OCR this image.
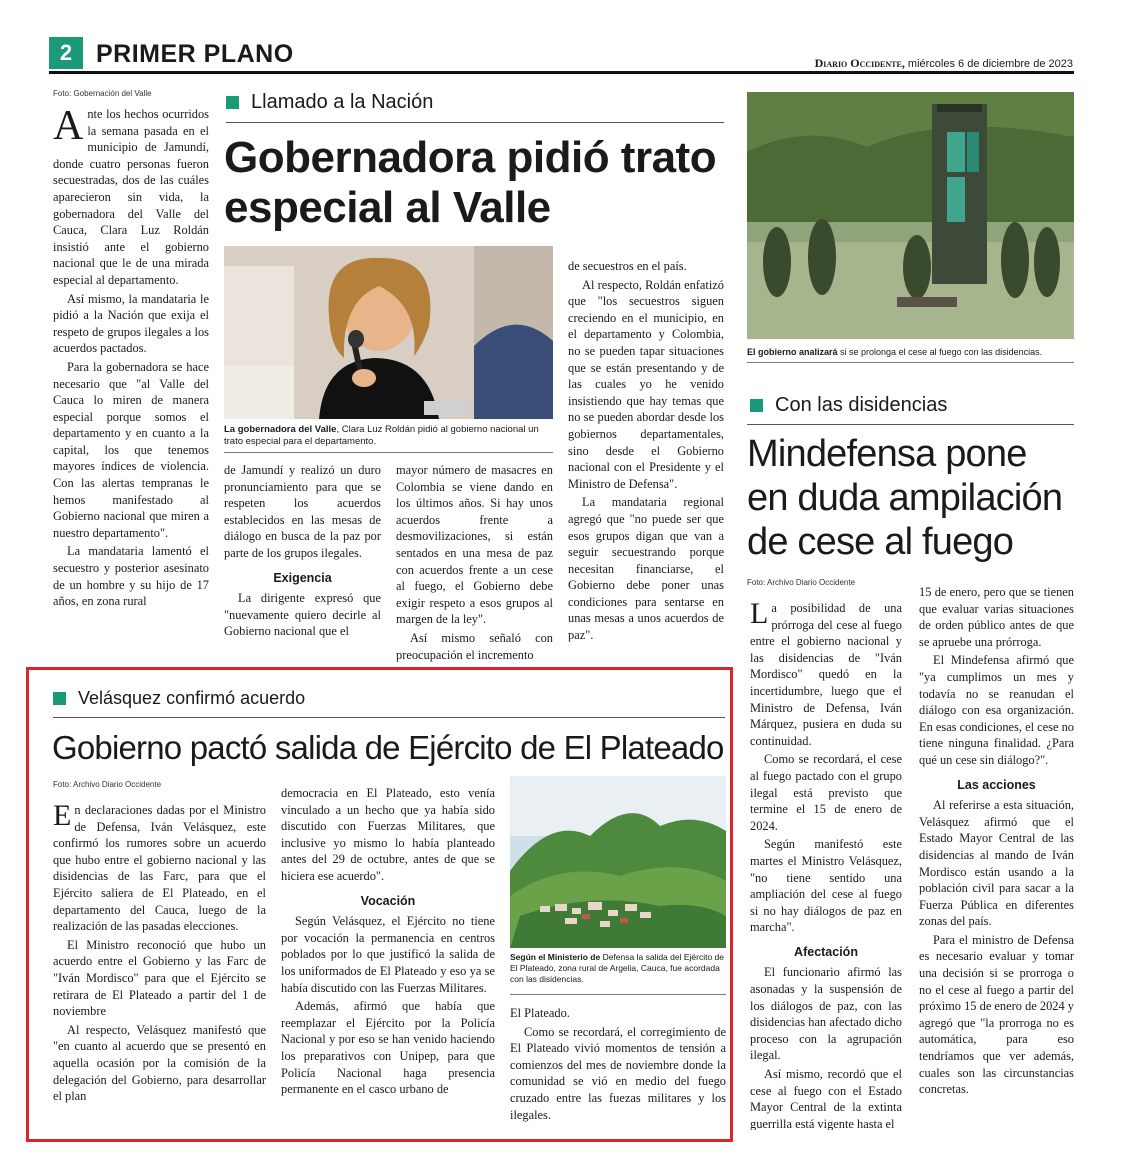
2 PRIMER PLANO	Diario Occidente, miércoles 6 de diciembre de 2023
Foto: Gobernación del Valle

Ante los hechos ocurridos la semana pasada en el municipio de Jamundí, donde cuatro personas fueron secuestradas, dos de las cuáles aparecieron sin vida, la gobernadora del Valle del Cauca, Clara Luz Roldán insistió ante el gobierno nacional que le de una mirada especial al departamento.

Así mismo, la mandataria le pidió a la Nación que exija el respeto de grupos ilegales a los acuerdos pactados.

Para la gobernadora se hace necesario que "al Valle del Cauca lo miren de manera especial porque somos el departamento y en cuanto a la capital, los que tenemos mayores índices de violencia. Con las alertas tempranas le hemos manifestado al Gobierno nacional que miren a nuestro departamento".

La mandataria lamentó el secuestro y posterior asesinato de un hombre y su hijo de 17 años, en zona rural

Llamado a la Nación
Gobernadora pidió trato especial al Valle
La gobernadora del Valle, Clara Luz Roldán pidió al gobierno nacional un trato especial para el departamento.

de Jamundí y realizó un duro pronunciamiento para que se respeten los acuerdos establecidos en las mesas de diálogo en busca de la paz por parte de los grupos ilegales.

Exigencia

La dirigente expresó que "nuevamente quiero decirle al Gobierno nacional que el

mayor número de masacres en Colombia se viene dando en los últimos años. Si hay unos acuerdos frente a desmovilizaciones, si están sentados en una mesa de paz con acuerdos frente a un cese al fuego, el Gobierno debe exigir respeto a esos grupos al margen de la ley".

Así mismo señaló con preocupación el incremento

de secuestros en el país.

Al respecto, Roldán enfatizó que "los secuestros siguen creciendo en el municipio, en el departamento y Colombia, no se pueden tapar situaciones que se están presentando y de las cuales yo he venido insistiendo que hay temas que no se pueden abordar desde los gobiernos departamentales, sino desde el Gobierno nacional con el Presidente y el Ministro de Defensa".

La mandataria regional agregó que "no puede ser que esos grupos digan que van a seguir secuestrando porque necesitan financiarse, el Gobierno debe poner unas condiciones para sentarse en unas mesas a unos acuerdos de paz".

El gobierno analizará si se prolonga el cese al fuego con las disidencias.
Con las disidencias
Mindefensa pone en duda ampilación de cese al fuego
Foto: Archivo Diario Occidente

La posibilidad de una prórroga del cese al fuego entre el gobierno nacional y las disidencias de "Iván Mordisco" quedó en la incertidumbre, luego que el Ministro de Defensa, Iván Márquez, pusiera en duda su continuidad.

Como se recordará, el cese al fuego pactado con el grupo ilegal está previsto que termine el 15 de enero de 2024.

Según manifestó este martes el Ministro Velásquez, "no tiene sentido una ampliación del cese al fuego si no hay diálogos de paz en marcha".

Afectación

El funcionario afirmó las asonadas y la suspensión de los diálogos de paz, con las disidencias han afectado dicho proceso con la agrupación ilegal.

Así mismo, recordó que el cese al fuego con el Estado Mayor Central de la extinta guerrilla está vigente hasta el

15 de enero, pero que se tienen que evaluar varias situaciones de orden público antes de que se apruebe una prórroga.

El Mindefensa afirmó que "ya cumplimos un mes y todavía no se reanudan el diálogo con esa organización. En esas condiciones, el cese no tiene ninguna finalidad. ¿Para qué un cese sin diálogo?".

Las acciones

Al referirse a esta situación, Velásquez afirmó que el Estado Mayor Central de las disidencias al mando de Iván Mordisco están usando a la población civil para sacar a la Fuerza Pública en diferentes zonas del país.

Para el ministro de Defensa es necesario evaluar y tomar una decisión si se prorroga o no el cese al fuego a partir del próximo 15 de enero de 2024 y agregó que "la prorroga no es automática, para eso tendríamos que ver además, cuales son las circunstancias concretas.

Velásquez confirmó acuerdo
Gobierno pactó salida de Ejército de El Plateado
Foto: Archivo Diario Occidente

En declaraciones dadas por el Ministro de Defensa, Iván Velásquez, este confirmó los rumores sobre un acuerdo que hubo entre el gobierno nacional y las disidencias de las Farc, para que el Ejército saliera de El Plateado, en el departamento del Cauca, luego de la realización de las pasadas elecciones.

El Ministro reconoció que hubo un acuerdo entre el Gobierno y las Farc de "Iván Mordisco" para que el Ejército se retirara de El Plateado a partir del 1 de noviembre

Al respecto, Velásquez manifestó que "en cuanto al acuerdo que se presentó en aquella ocasión por la comisión de la delegación del Gobierno, para desarrollar el plan

democracia en El Plateado, esto venía vinculado a un hecho que ya había sido discutido con Fuerzas Militares, que inclusive yo mismo lo había planteado antes del 29 de octubre, antes de que se hiciera ese acuerdo".

Vocación

Según Velásquez, el Ejército no tiene por vocación la permanencia en centros poblados por lo que justificó la salida de los uniformados de El Plateado y eso ya se había discutido con las Fuerzas Militares.

Además, afirmó que había que reemplazar el Ejército por la Policía Nacional y por eso se han venido haciendo los preparativos con Unipep, para que Policía Nacional haga presencia permanente en el casco urbano de

Según el Ministerio de Defensa la salida del Ejército de El Plateado, zona rural de Argelia, Cauca, fue acordada con las disidencias.

El Plateado.

Como se recordará, el corregimiento de El Plateado vivió momentos de tensión a comienzos del mes de noviembre donde la comunidad se vió en medio del fuego cruzado entre las fuezas militares y los ilegales.
